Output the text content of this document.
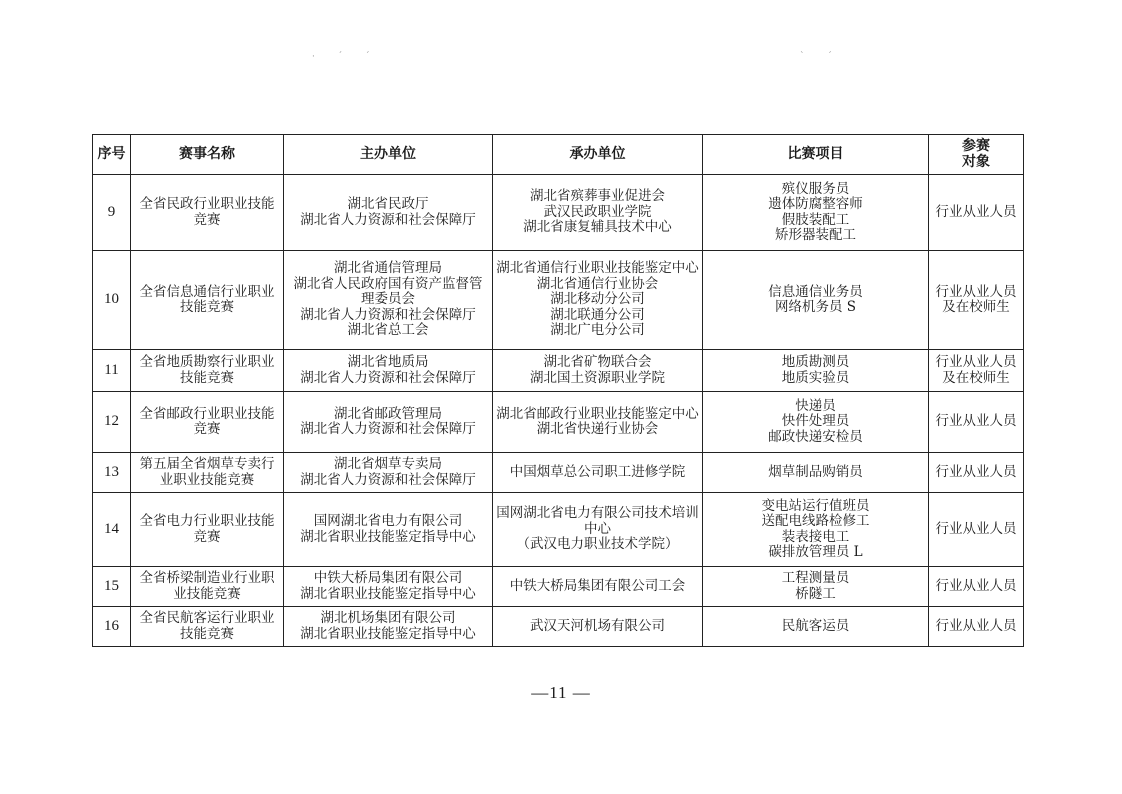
· ˊ ˊ	ˋ ˊ
序号	赛事名称	主办单位	承办单位	比赛项目	参赛
对象

9	全省民政行业职业技能竞赛	湖北省民政厅
湖北省人力资源和社会保障厅	湖北省殡葬事业促进会
武汉民政职业学院
湖北省康复辅具技术中心	殡仪服务员
遗体防腐整容师
假肢装配工
矫形器装配工	行业从业人员

10	全省信息通信行业职业技能竞赛	湖北省通信管理局
湖北省人民政府国有资产监督管理委员会
湖北省人力资源和社会保障厅
湖北省总工会	湖北省通信行业职业技能鉴定中心
湖北省通信行业协会
湖北移动分公司
湖北联通分公司
湖北广电分公司	信息通信业务员
网络机务员 S	行业从业人员
及在校师生

11	全省地质勘察行业职业技能竞赛	湖北省地质局
湖北省人力资源和社会保障厅	湖北省矿物联合会
湖北国土资源职业学院	地质勘测员
地质实验员	行业从业人员
及在校师生

12	全省邮政行业职业技能竞赛	湖北省邮政管理局
湖北省人力资源和社会保障厅	湖北省邮政行业职业技能鉴定中心
湖北省快递行业协会	快递员
快件处理员
邮政快递安检员	行业从业人员

13	第五届全省烟草专卖行业职业技能竞赛	湖北省烟草专卖局
湖北省人力资源和社会保障厅	中国烟草总公司职工进修学院	烟草制品购销员	行业从业人员

14	全省电力行业职业技能竞赛	国网湖北省电力有限公司
湖北省职业技能鉴定指导中心	国网湖北省电力有限公司技术培训中心
（武汉电力职业技术学院）	变电站运行值班员
送配电线路检修工
装表接电工
碳排放管理员 L	行业从业人员

15	全省桥梁制造业行业职业技能竞赛	中铁大桥局集团有限公司
湖北省职业技能鉴定指导中心	中铁大桥局集团有限公司工会	工程测量员
桥隧工	行业从业人员

16	全省民航客运行业职业技能竞赛	湖北机场集团有限公司
湖北省职业技能鉴定指导中心	武汉天河机场有限公司	民航客运员	行业从业人员
—11 —
